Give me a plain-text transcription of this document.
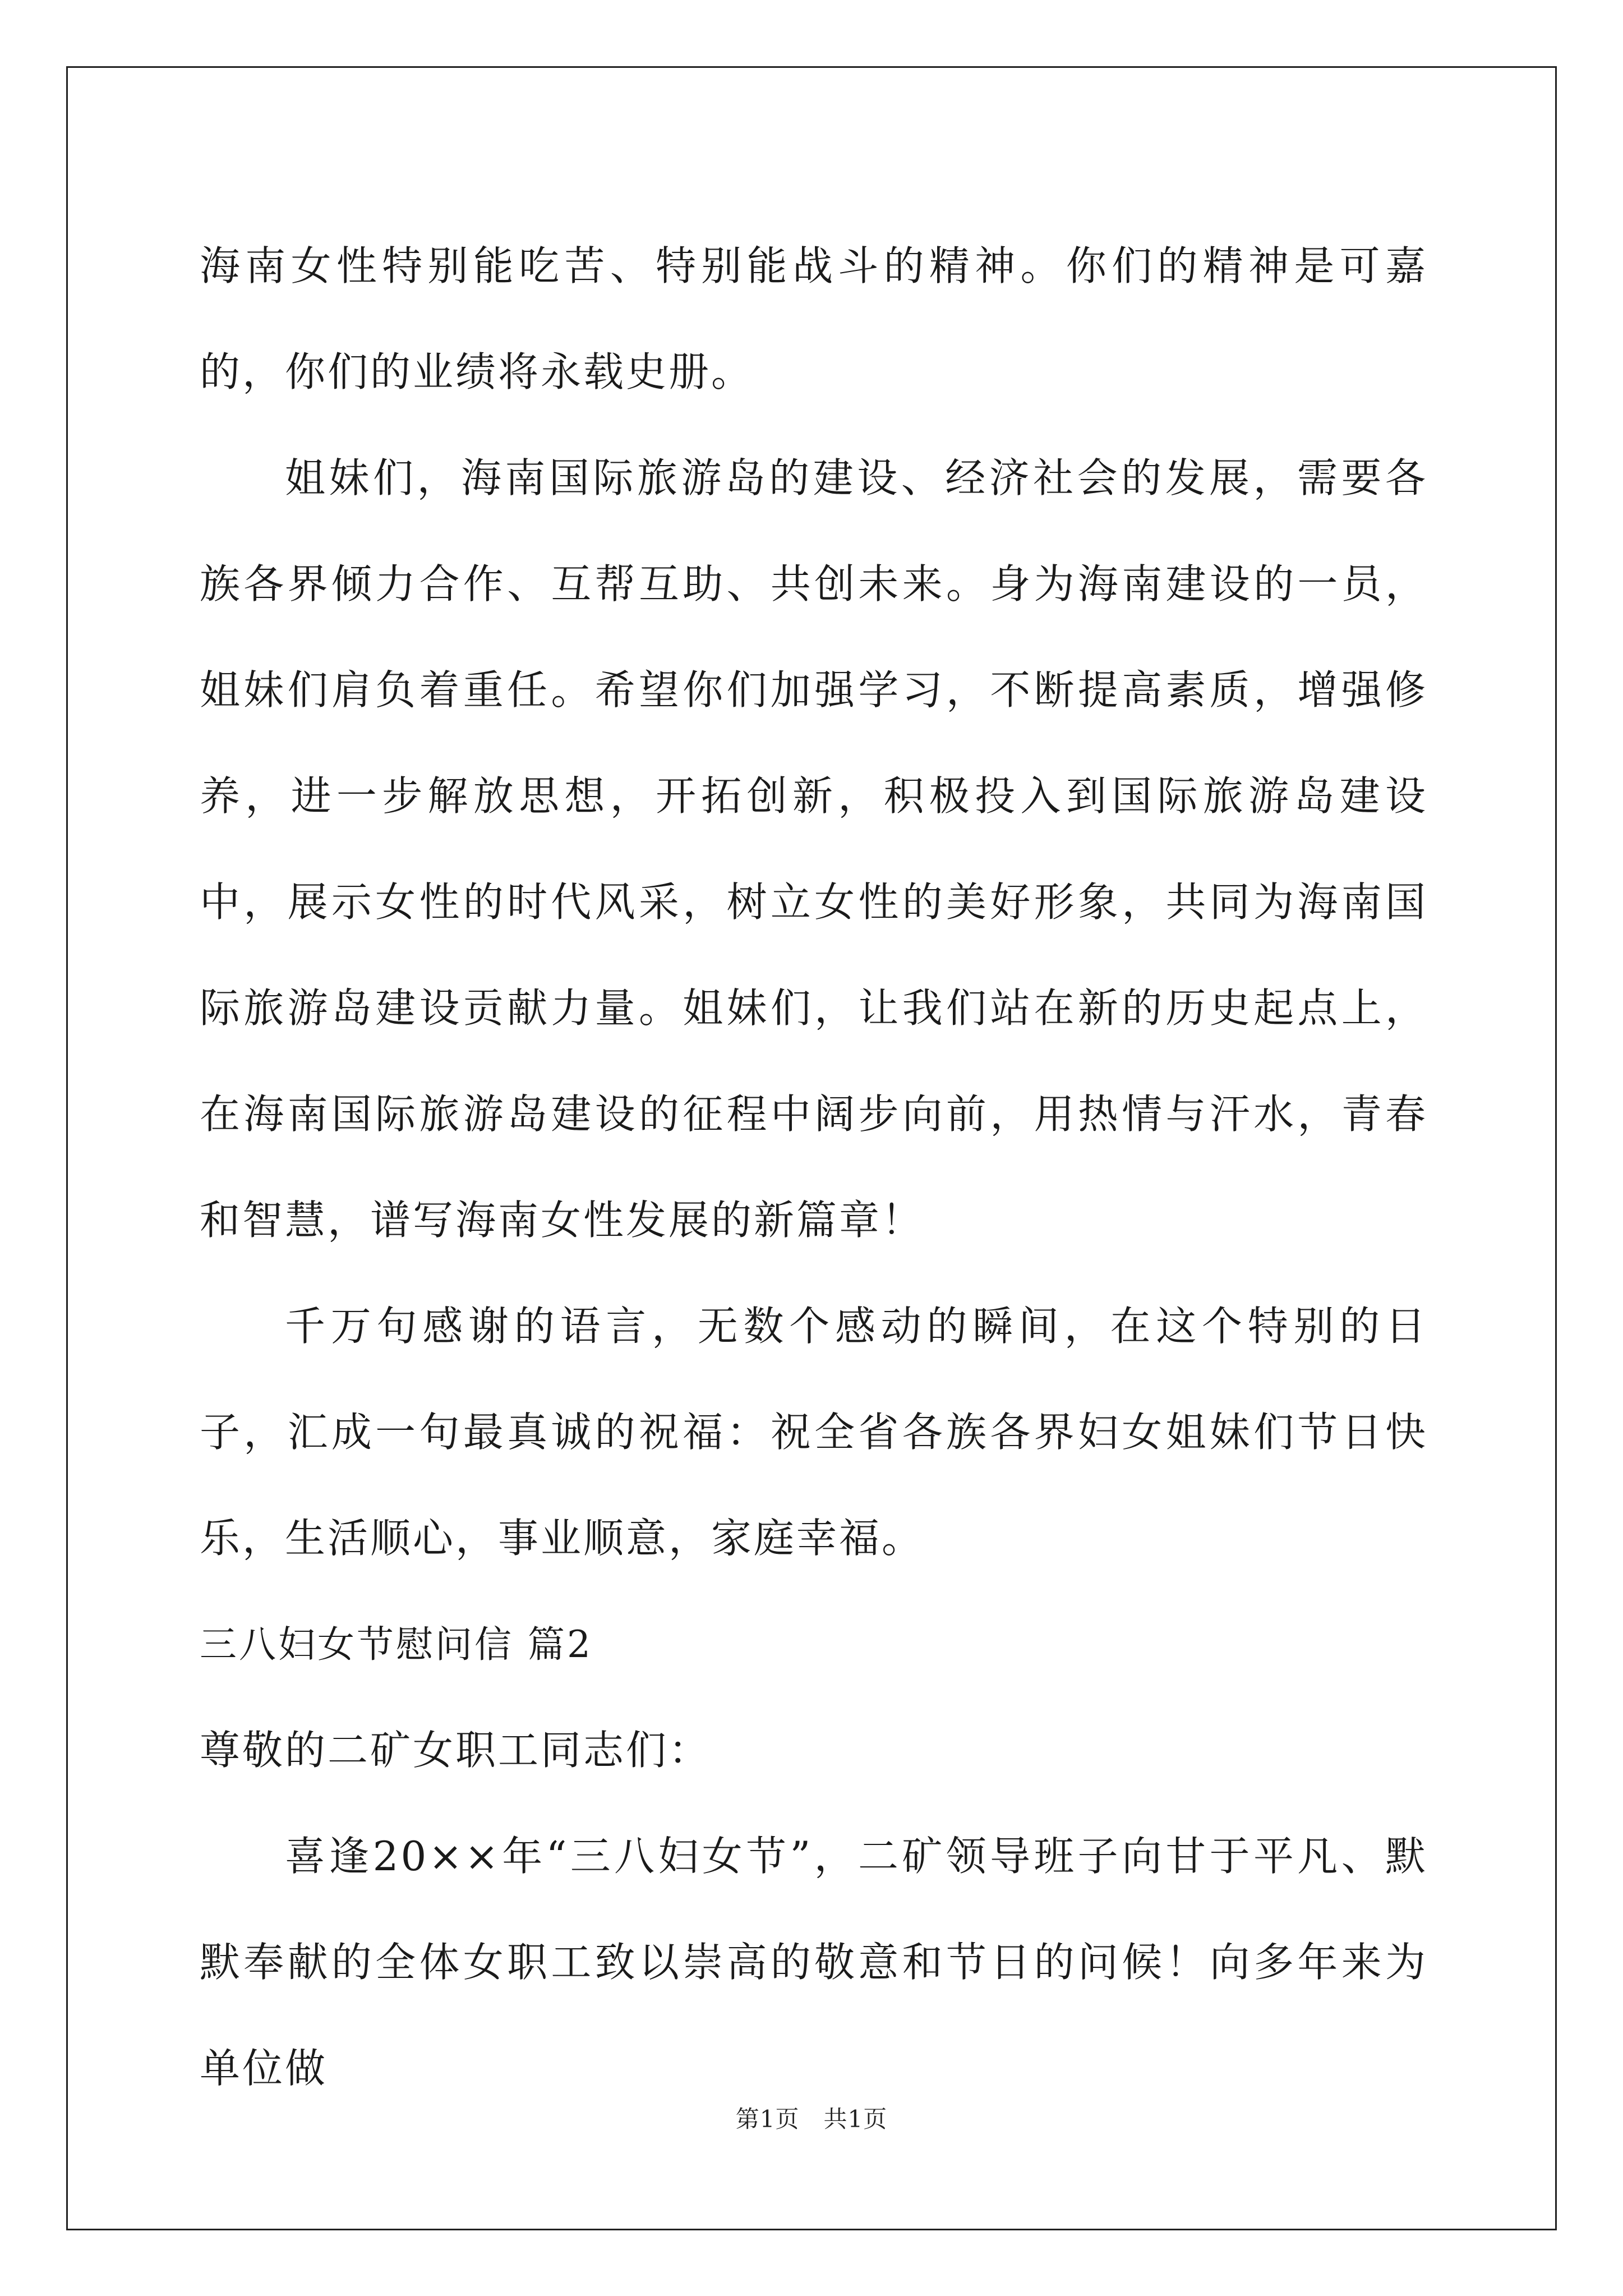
海南女性特别能吃苦、特别能战斗的精神。你们的精神是可嘉的，你们的业绩将永载史册。

姐妹们，海南国际旅游岛的建设、经济社会的发展，需要各族各界倾力合作、互帮互助、共创未来。身为海南建设的一员，姐妹们肩负着重任。希望你们加强学习，不断提高素质，增强修养，进一步解放思想，开拓创新，积极投入到国际旅游岛建设中，展示女性的时代风采，树立女性的美好形象，共同为海南国际旅游岛建设贡献力量。姐妹们，让我们站在新的历史起点上，在海南国际旅游岛建设的征程中阔步向前，用热情与汗水，青春和智慧，谱写海南女性发展的新篇章！

千万句感谢的语言，无数个感动的瞬间，在这个特别的日子，汇成一句最真诚的祝福：祝全省各族各界妇女姐妹们节日快乐，生活顺心，事业顺意，家庭幸福。

三八妇女节慰问信 篇2

尊敬的二矿女职工同志们：

喜逢20××年“三八妇女节”，二矿领导班子向甘于平凡、默默奉献的全体女职工致以崇高的敬意和节日的问候！向多年来为单位做

第1页　共1页
